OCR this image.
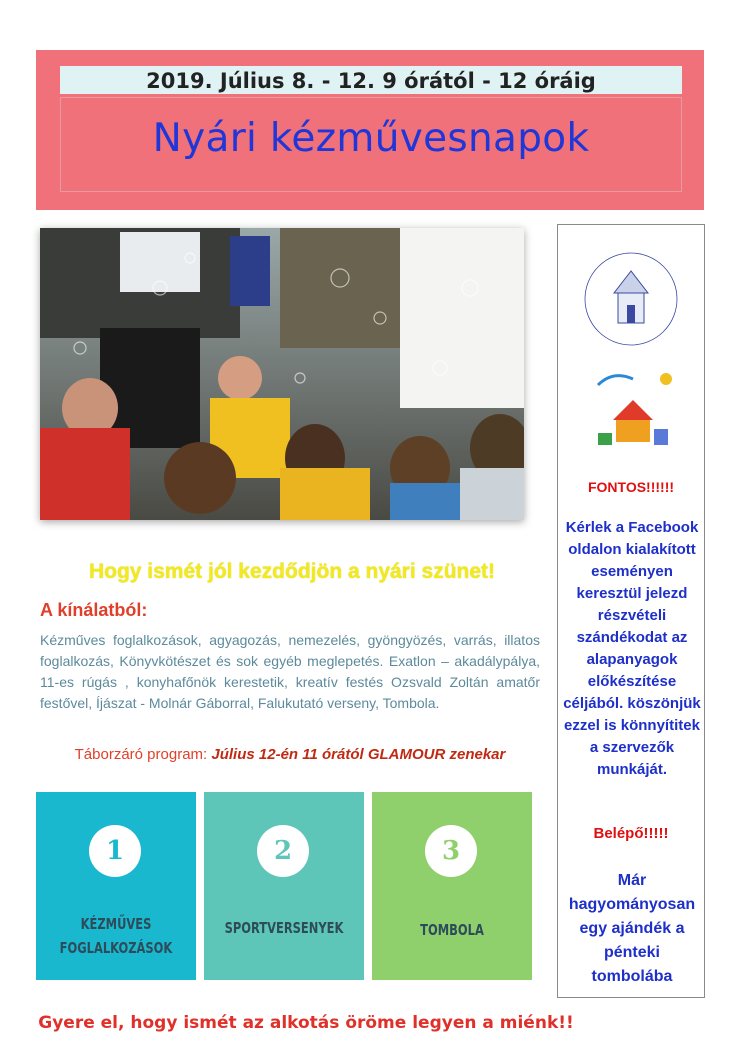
2019. Július 8. - 12. 9 órától - 12 óráig
Nyári kézművesnapok
FONTOS!!!!!!
Kérlek a Facebook oldalon kialakított eseményen keresztül jelezd részvételi szándékodat az alapanyagok előkészítése céljából. köszönjük ezzel is könnyítitek a szervezők munkáját.
Belépő!!!!!
Már hagyományosan egy ajándék a pénteki tombolába
Hogy ismét jól kezdődjön a nyári szünet!
A kínálatból:
Kézműves foglalkozások, agyagozás, nemezelés, gyöngyözés, varrás, illatos foglalkozás, Könyvkötészet és sok egyéb meglepetés. Exatlon – akadálypálya, 11-es rúgás , konyhafőnök kerestetik, kreatív festés Ozsvald Zoltán amatőr festővel, Íjászat - Molnár Gáborral, Falukutató verseny, Tombola.
Táborzáró program: Július 12-én 11 órától GLAMOUR zenekar
1
KÉZMŰVES
FOGLALKOZÁSOK
2
SPORTVERSENYEK
3
TOMBOLA
Gyere el, hogy ismét az alkotás öröme legyen a miénk!!
